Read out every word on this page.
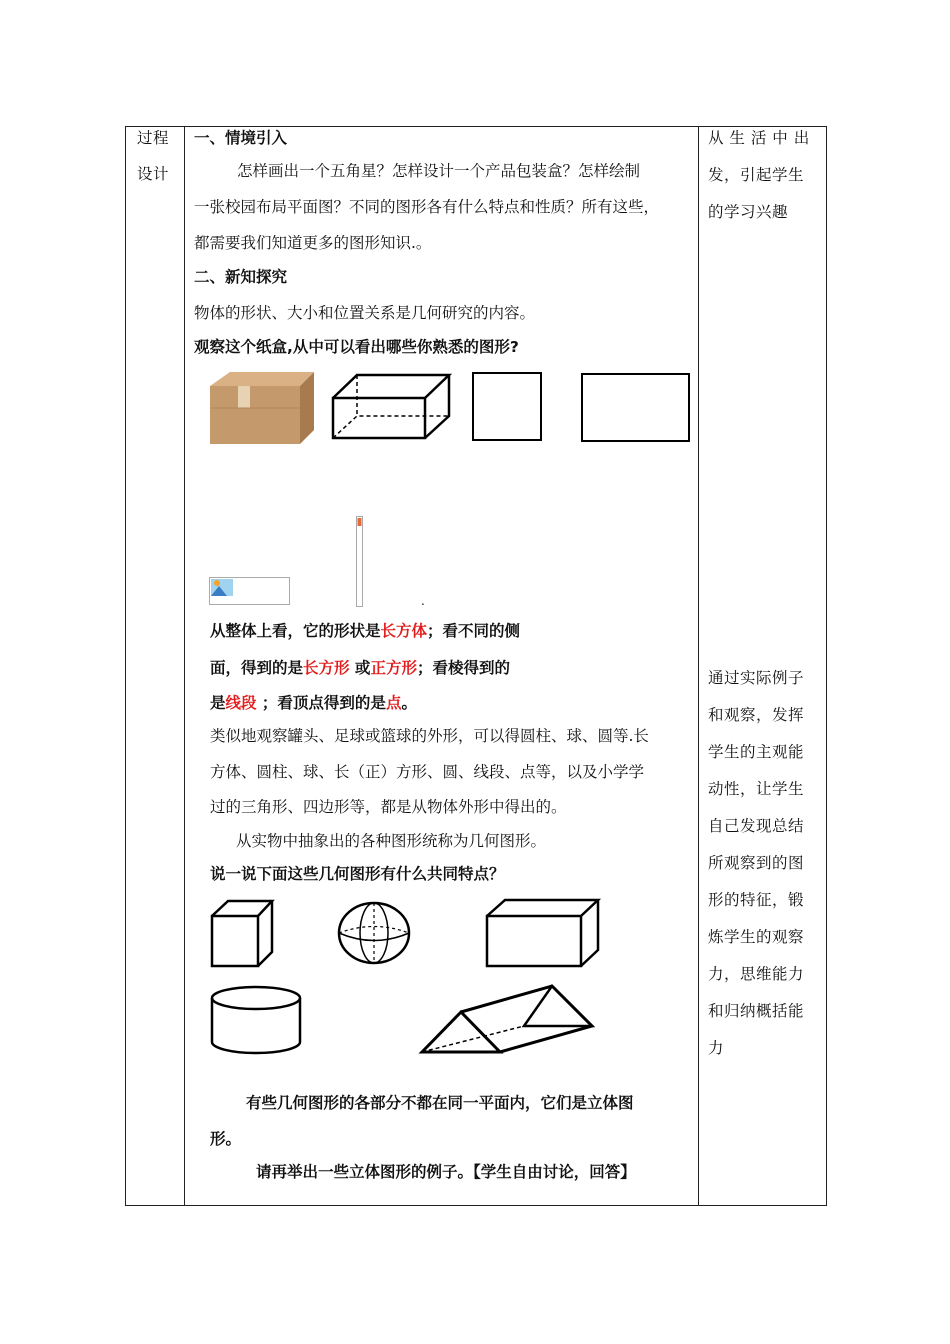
过程
设计
一、情境引入
怎样画出一个五角星？怎样设计一个产品包装盒？怎样绘制
一张校园布局平面图？不同的图形各有什么特点和性质？所有这些，
都需要我们知道更多的图形知识.。
二、新知探究
物体的形状、大小和位置关系是几何研究的内容。
观察这个纸盒,从中可以看出哪些你熟悉的图形?
.
从整体上看，它的形状是长方体；看不同的侧
面，得到的是长方形 或正方形；看棱得到的
是线段 ；看顶点得到的是点。
类似地观察罐头、足球或篮球的外形，可以得圆柱、球、圆等.长
方体、圆柱、球、长（正）方形、圆、线段、点等，以及小学学
过的三角形、四边形等，都是从物体外形中得出的。
从实物中抽象出的各种图形统称为几何图形。
说一说下面这些几何图形有什么共同特点？
有些几何图形的各部分不都在同一平面内，它们是立体图
形。
请再举出一些立体图形的例子。【学生自由讨论，回答】
从 生 活 中 出
发，引起学生
的学习兴趣
通过实际例子
和观察，发挥
学生的主观能
动性，让学生
自己发现总结
所观察到的图
形的特征，锻
炼学生的观察
力，思维能力
和归纳概括能
力
